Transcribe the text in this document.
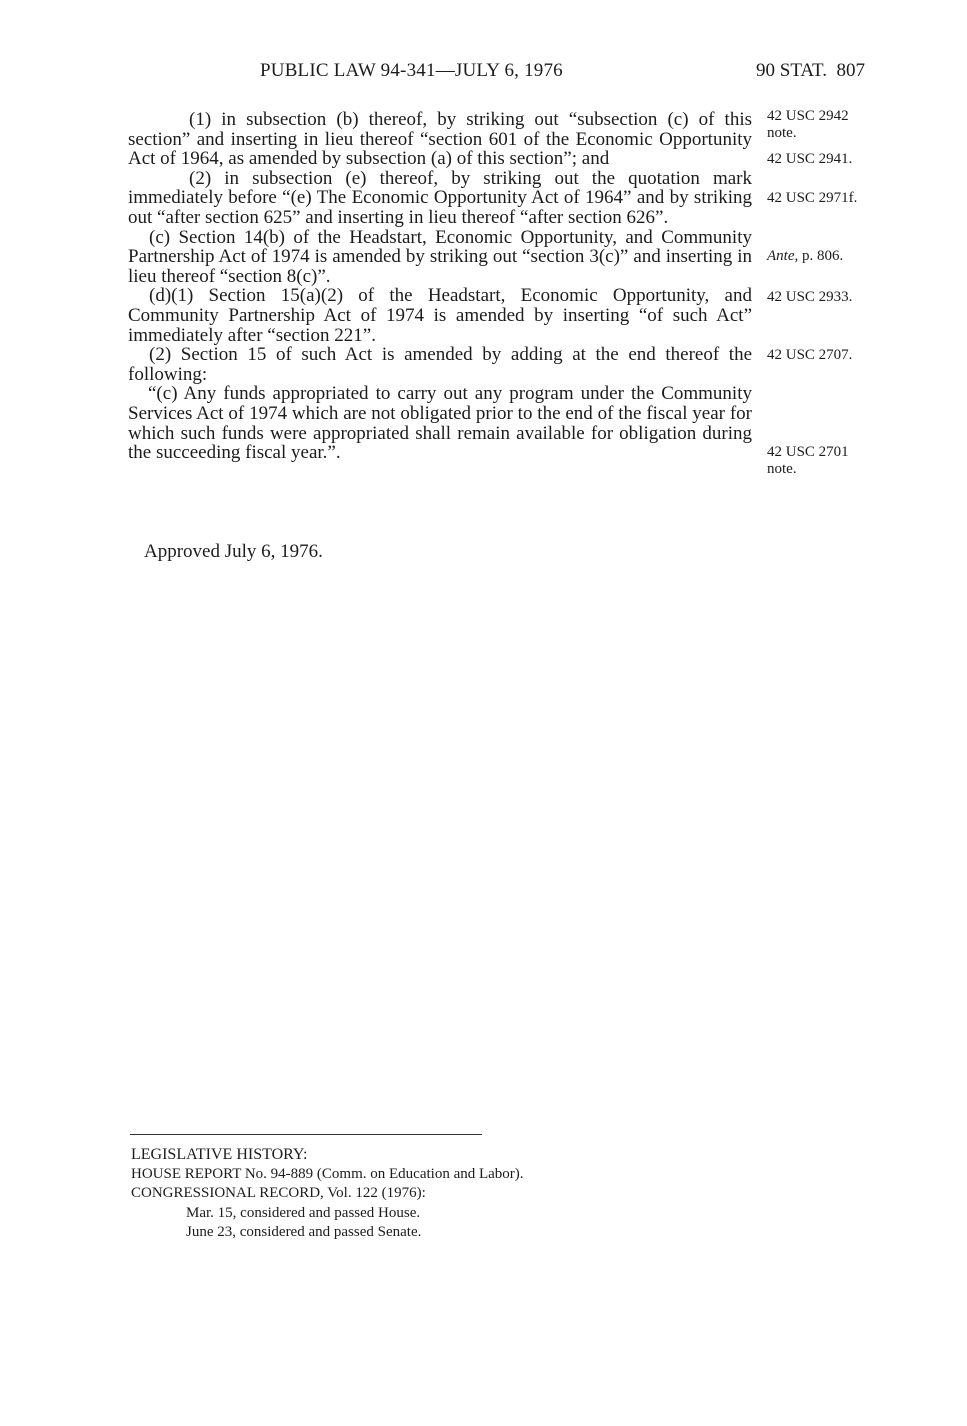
PUBLIC LAW 94-341—JULY 6, 1976	90 STAT. 807

(1) in subsection (b) thereof, by striking out “subsection (c) of this section” and inserting in lieu thereof “section 601 of the Economic Opportunity Act of 1964, as amended by subsection (a) of this section”; and

(2) in subsection (e) thereof, by striking out the quotation mark immediately before “(e) The Economic Opportunity Act of 1964” and by striking out “after section 625” and inserting in lieu thereof “after section 626”.

(c) Section 14(b) of the Headstart, Economic Opportunity, and Community Partnership Act of 1974 is amended by striking out “section 3(c)” and inserting in lieu thereof “section 8(c)”.

(d)(1) Section 15(a)(2) of the Headstart, Economic Opportunity, and Community Partnership Act of 1974 is amended by inserting “of such Act” immediately after “section 221”.

(2) Section 15 of such Act is amended by adding at the end thereof the following:

“(c) Any funds appropriated to carry out any program under the Community Services Act of 1974 which are not obligated prior to the end of the fiscal year for which such funds were appropriated shall remain available for obligation during the succeeding fiscal year.”.

42 USC 2942
note.
42 USC 2941.
42 USC 2971f.
Ante, p. 806.
42 USC 2933.
42 USC 2707.
42 USC 2701
note.
Approved July 6, 1976.
LEGISLATIVE HISTORY:
HOUSE REPORT No. 94-889 (Comm. on Education and Labor).
CONGRESSIONAL RECORD, Vol. 122 (1976):
Mar. 15, considered and passed House.
June 23, considered and passed Senate.
